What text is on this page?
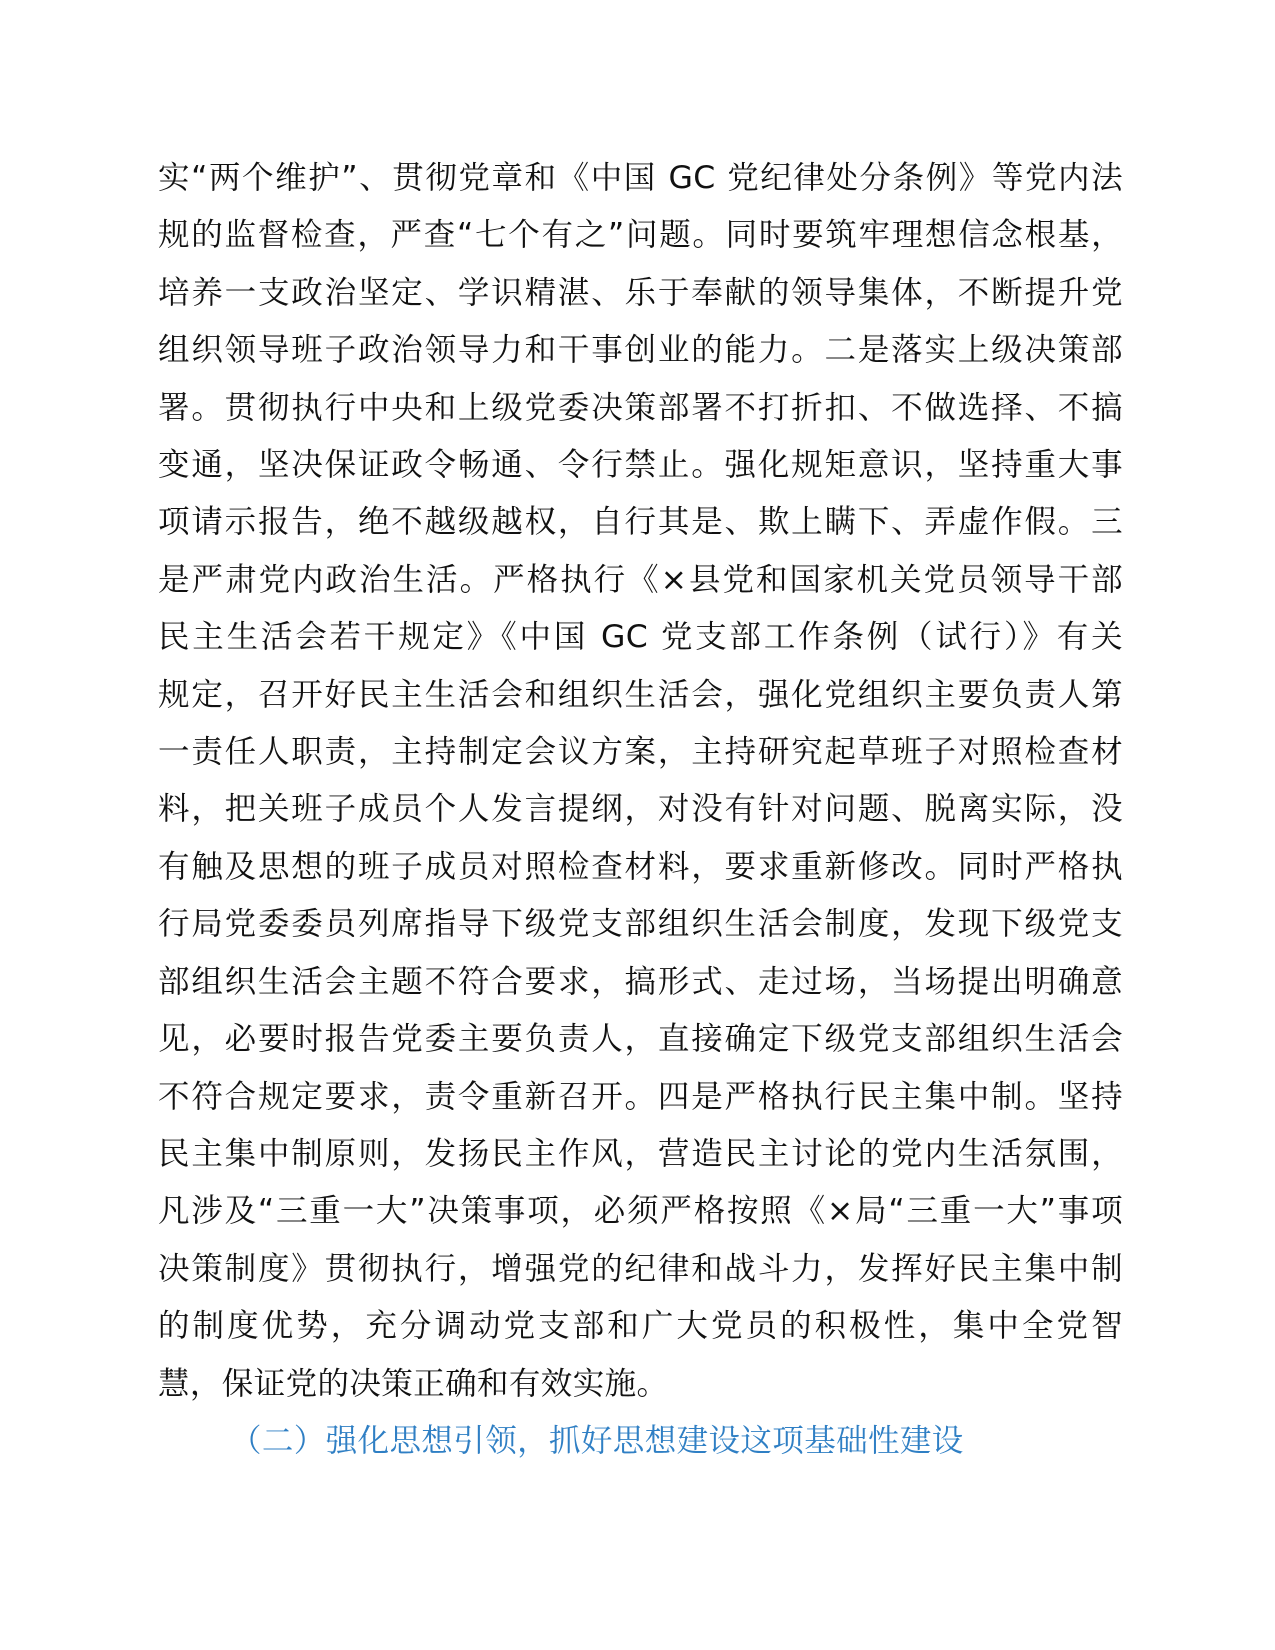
实“两个维护”、贯彻党章和《中国 GC 党纪律处分条例》等党内法
规的监督检查，严查“七个有之”问题。同时要筑牢理想信念根基，
培养一支政治坚定、学识精湛、乐于奉献的领导集体，不断提升党
组织领导班子政治领导力和干事创业的能力。二是落实上级决策部
署。贯彻执行中央和上级党委决策部署不打折扣、不做选择、不搞
变通，坚决保证政令畅通、令行禁止。强化规矩意识，坚持重大事
项请示报告，绝不越级越权，自行其是、欺上瞒下、弄虚作假。三
是严肃党内政治生活。严格执行《×县党和国家机关党员领导干部
民主生活会若干规定》《中国 GC 党支部工作条例（试行）》有关
规定，召开好民主生活会和组织生活会，强化党组织主要负责人第
一责任人职责，主持制定会议方案，主持研究起草班子对照检查材
料，把关班子成员个人发言提纲，对没有针对问题、脱离实际，没
有触及思想的班子成员对照检查材料，要求重新修改。同时严格执
行局党委委员列席指导下级党支部组织生活会制度，发现下级党支
部组织生活会主题不符合要求，搞形式、走过场，当场提出明确意
见，必要时报告党委主要负责人，直接确定下级党支部组织生活会
不符合规定要求，责令重新召开。四是严格执行民主集中制。坚持
民主集中制原则，发扬民主作风，营造民主讨论的党内生活氛围，
凡涉及“三重一大”决策事项，必须严格按照《×局“三重一大”事项
决策制度》贯彻执行，增强党的纪律和战斗力，发挥好民主集中制
的制度优势，充分调动党支部和广大党员的积极性，集中全党智
慧，保证党的决策正确和有效实施。

（二）强化思想引领，抓好思想建设这项基础性建设
